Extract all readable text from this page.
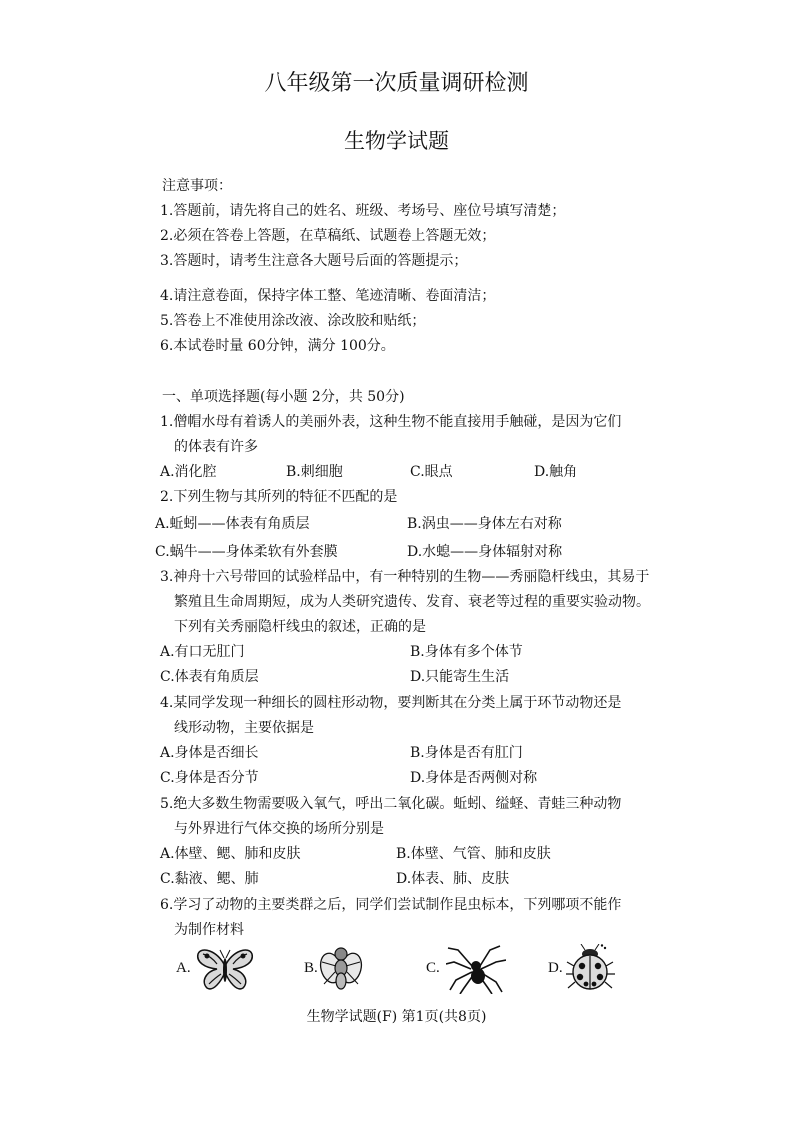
八年级第一次质量调研检测
生物学试题
注意事项：
1.答题前，请先将自己的姓名、班级、考场号、座位号填写清楚；
2.必须在答卷上答题，在草稿纸、试题卷上答题无效；
3.答题时，请考生注意各大题号后面的答题提示；
4.请注意卷面，保持字体工整、笔迹清晰、卷面清洁；
5.答卷上不准使用涂改液、涂改胶和贴纸；
6.本试卷时量 60分钟，满分 100分。
一、单项选择题(每小题 2分，共 50分)
1.僧帽水母有着诱人的美丽外表，这种生物不能直接用手触碰，是因为它们
的体表有许多
A.消化腔	B.刺细胞	C.眼点	D.触角
2.下列生物与其所列的特征不匹配的是
A.蚯蚓——体表有角质层	B.涡虫——身体左右对称
C.蜗牛——身体柔软有外套膜	D.水螅——身体辐射对称
3.神舟十六号带回的试验样品中，有一种特别的生物——秀丽隐杆线虫，其易于
繁殖且生命周期短，成为人类研究遗传、发育、衰老等过程的重要实验动物。
下列有关秀丽隐杆线虫的叙述，正确的是
A.有口无肛门	B.身体有多个体节
C.体表有角质层	D.只能寄生生活
4.某同学发现一种细长的圆柱形动物，要判断其在分类上属于环节动物还是
线形动物，主要依据是
A.身体是否细长	B.身体是否有肛门
C.身体是否分节	D.身体是否两侧对称
5.绝大多数生物需要吸入氧气，呼出二氧化碳。蚯蚓、缢蛏、青蛙三种动物
与外界进行气体交换的场所分别是
A.体壁、鳃、肺和皮肤	B.体壁、气管、肺和皮肤
C.黏液、鳃、肺	D.体表、肺、皮肤
6.学习了动物的主要类群之后，同学们尝试制作昆虫标本，下列哪项不能作
为制作材料
A.	B.	C.	D.
生物学试题(F) 第1页(共8页)
